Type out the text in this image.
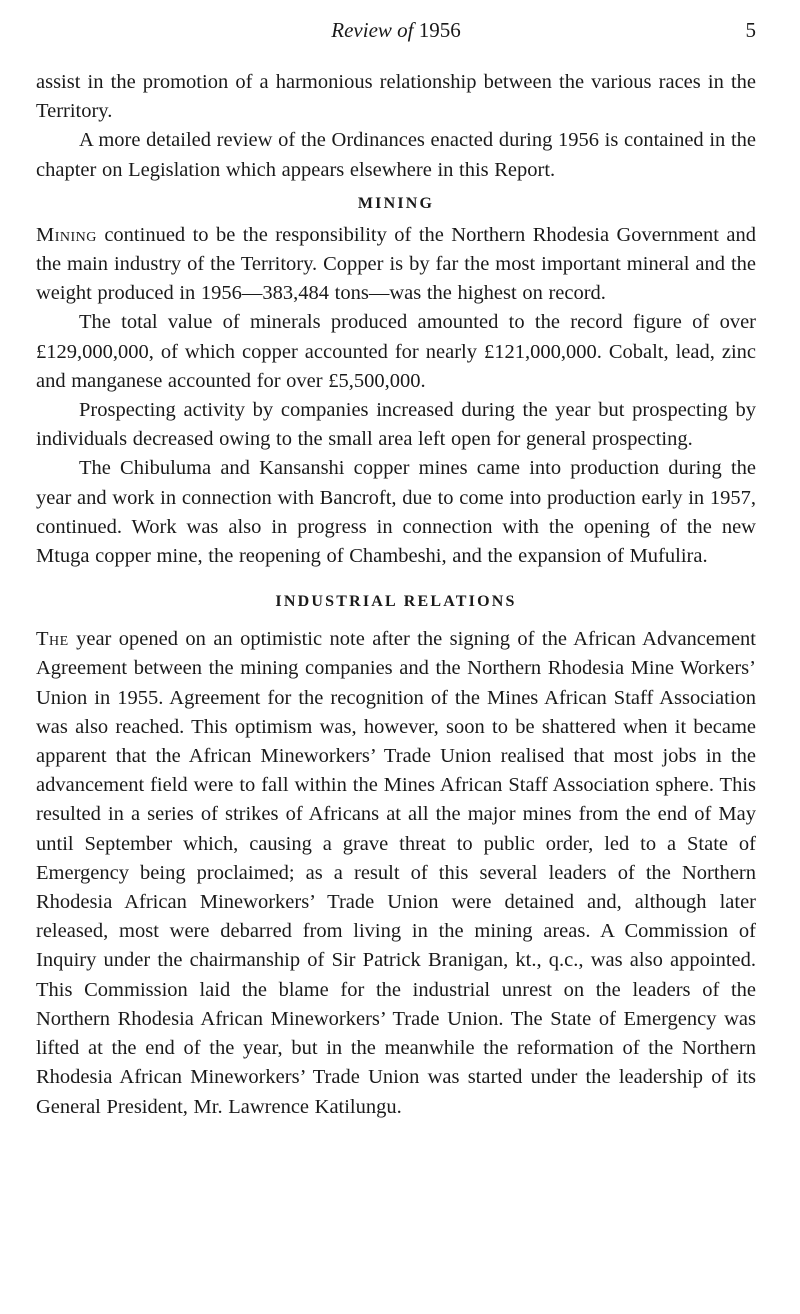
Review of 1956	5

assist in the promotion of a harmonious relationship between the various races in the Territory.

A more detailed review of the Ordinances enacted during 1956 is contained in the chapter on Legislation which appears elsewhere in this Report.

MINING

Mining continued to be the responsibility of the Northern Rhodesia Government and the main industry of the Territory. Copper is by far the most important mineral and the weight produced in 1956—383,484 tons—was the highest on record.

The total value of minerals produced amounted to the record figure of over £129,000,000, of which copper accounted for nearly £121,000,000. Cobalt, lead, zinc and manganese accounted for over £5,500,000.

Prospecting activity by companies increased during the year but prospecting by individuals decreased owing to the small area left open for general prospecting.

The Chibuluma and Kansanshi copper mines came into production during the year and work in connection with Bancroft, due to come into production early in 1957, continued. Work was also in progress in connection with the opening of the new Mtuga copper mine, the reopening of Chambeshi, and the expansion of Mufulira.

INDUSTRIAL RELATIONS

The year opened on an optimistic note after the signing of the African Advancement Agreement between the mining companies and the Northern Rhodesia Mine Workers’ Union in 1955. Agreement for the recognition of the Mines African Staff Association was also reached. This optimism was, however, soon to be shattered when it became apparent that the African Mineworkers’ Trade Union realised that most jobs in the advancement field were to fall within the Mines African Staff Association sphere. This resulted in a series of strikes of Africans at all the major mines from the end of May until September which, causing a grave threat to public order, led to a State of Emergency being proclaimed; as a result of this several leaders of the Northern Rhodesia African Mineworkers’ Trade Union were detained and, although later released, most were debarred from living in the mining areas. A Commission of Inquiry under the chairmanship of Sir Patrick Branigan, kt., q.c., was also appointed. This Commission laid the blame for the industrial unrest on the leaders of the Northern Rhodesia African Mineworkers’ Trade Union. The State of Emergency was lifted at the end of the year, but in the meanwhile the reformation of the Northern Rhodesia African Mineworkers’ Trade Union was started under the leadership of its General President, Mr. Lawrence Katilungu.
